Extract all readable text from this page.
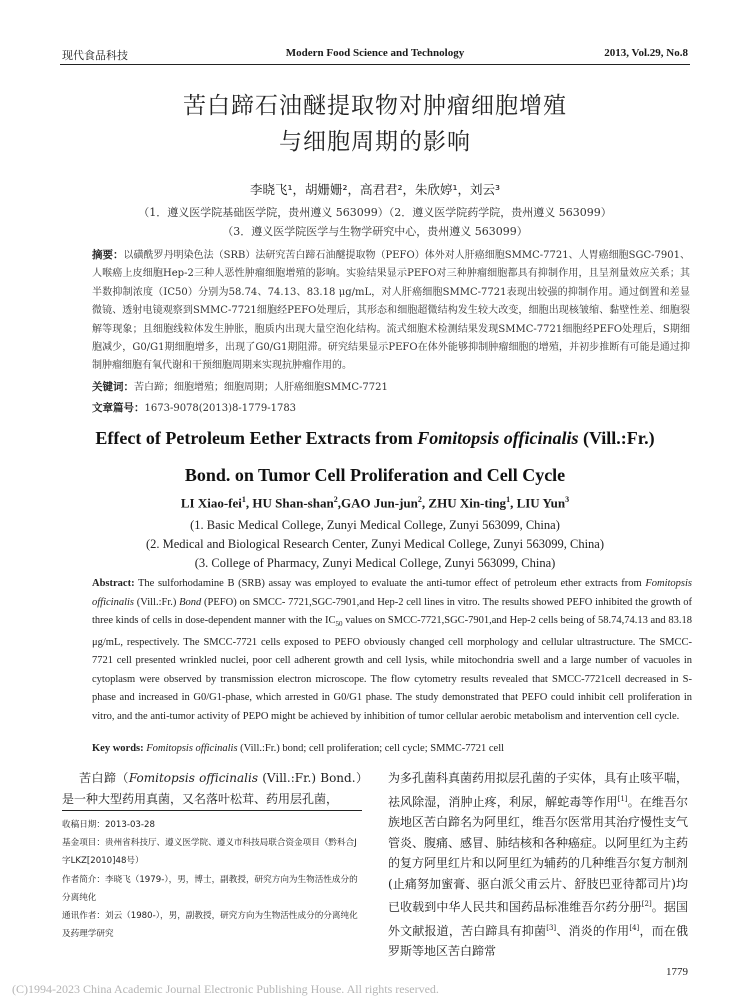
现代食品科技	Modern Food Science and Technology	2013, Vol.29, No.8
苦白蹄石油醚提取物对肿瘤细胞增殖
与细胞周期的影响
李晓飞¹，胡姗姗²，高君君²，朱欣婷¹，刘云³
（1．遵义医学院基础医学院，贵州遵义 563099）（2．遵义医学院药学院，贵州遵义 563099）
（3．遵义医学院医学与生物学研究中心，贵州遵义 563099）
摘要：以磺酰罗丹明染色法（SRB）法研究苦白蹄石油醚提取物（PEFO）体外对人肝癌细胞SMMC-7721、人胃癌细胞SGC-7901、人喉癌上皮细胞Hep-2三种人恶性肿瘤细胞增殖的影响。实验结果显示PEFO对三种肿瘤细胞都具有抑制作用，且呈剂量效应关系；其半数抑制浓度（IC50）分别为58.74、74.13、83.18 μg/mL，对人肝癌细胞SMMC-7721表现出较强的抑制作用。通过倒置和差显微镜、透射电镜观察到SMMC-7721细胞经PEFO处理后，其形态和细胞超微结构发生较大改变，细胞出现核皱缩、黏壁性差、细胞裂解等现象；且细胞线粒体发生肿胀，胞质内出现大量空泡化结构。流式细胞术检测结果发现SMMC-7721细胞经PEFO处理后，S期细胞减少，G0/G1期细胞增多，出现了G0/G1期阻滞。研究结果显示PEFO在体外能够抑制肿瘤细胞的增殖，并初步推断有可能是通过抑制肿瘤细胞有氧代谢和干预细胞周期来实现抗肿瘤作用的。
关键词：苦白蹄；细胞增殖；细胞周期；人肝癌细胞SMMC-7721
文章篇号：1673-9078(2013)8-1779-1783
Effect of Petroleum Eether Extracts from Fomitopsis officinalis (Vill.:Fr.)
Bond. on Tumor Cell Proliferation and Cell Cycle
LI Xiao-fei$^1$, HU Shan-shan$^2$,GAO Jun-jun$^2$, ZHU Xin-ting$^1$, LIU Yun$^3$
(1. Basic Medical College, Zunyi Medical College, Zunyi 563099, China)
(2. Medical and Biological Research Center, Zunyi Medical College, Zunyi 563099, China)
(3. College of Pharmacy, Zunyi Medical College, Zunyi 563099, China)
Abstract: The sulforhodamine B (SRB) assay was employed to evaluate the anti-tumor effect of petroleum ether extracts from Fomitopsis officinalis (Vill.:Fr.) Bond (PEFO) on SMCC- 7721,SGC-7901,and Hep-2 cell lines in vitro. The results showed PEFO inhibited the growth of three kinds of cells in dose-dependent manner with the $IC_{50}$ values on SMCC-7721,SGC-7901,and Hep-2 cells being of 58.74,74.13 and 83.18 μg/mL, respectively. The SMCC-7721 cells exposed to PEFO obviously changed cell morphology and cellular ultrastructure. The SMCC-7721 cell presented wrinkled nuclei, poor cell adherent growth and cell lysis, while mitochondria swell and a large number of vacuoles in cytoplasm were observed by transmission electron microscope. The flow cytometry results revealed that SMCC-7721cell decreased in S-phase and increased in G0/G1-phase, which arrested in G0/G1 phase. The study demonstrated that PEFO could inhibit cell proliferation in vitro, and the anti-tumor activity of PEPO might be achieved by inhibition of tumor cellular aerobic metabolism and intervention cell cycle.
Key words: Fomitopsis officinalis (Vill.:Fr.) bond; cell proliferation; cell cycle; SMMC-7721 cell
苦白蹄（Fomitopsis officinalis (Vill.:Fr.) Bond.）是一种大型药用真菌，又名落叶松茸、药用层孔菌，

收稿日期：2013-03-28

基金项目：贵州省科技厅、遵义医学院、遵义市科技局联合资金项目（黔科合J字LKZ[2010]48号）

作者简介：李晓飞（1979-），男，博士，副教授，研究方向为生物活性成分的分离纯化

通讯作者：刘云（1980-），男，副教授，研究方向为生物活性成分的分离纯化及药理学研究

为多孔菌科真菌药用拟层孔菌的子实体，具有止咳平喘，祛风除湿，消肿止疼，利尿，解蛇毒等作用[1]。在维吾尔族地区苦白蹄名为阿里红，维吾尔医常用其治疗慢性支气管炎、腹痛、感冒、肺结核和各种癌症。以阿里红为主药的复方阿里红片和以阿里红为辅药的几种维吾尔复方制剂(止痛努加蜜膏、驱白派父甫云片、舒肢巴亚待都司片)均已收载到中华人民共和国药品标准维吾尔药分册[2]。据国外文献报道，苦白蹄具有抑菌[3]、消炎的作用[4]，而在俄罗斯等地区苦白蹄常
1779
(C)1994-2023 China Academic Journal Electronic Publishing House. All rights reserved.
